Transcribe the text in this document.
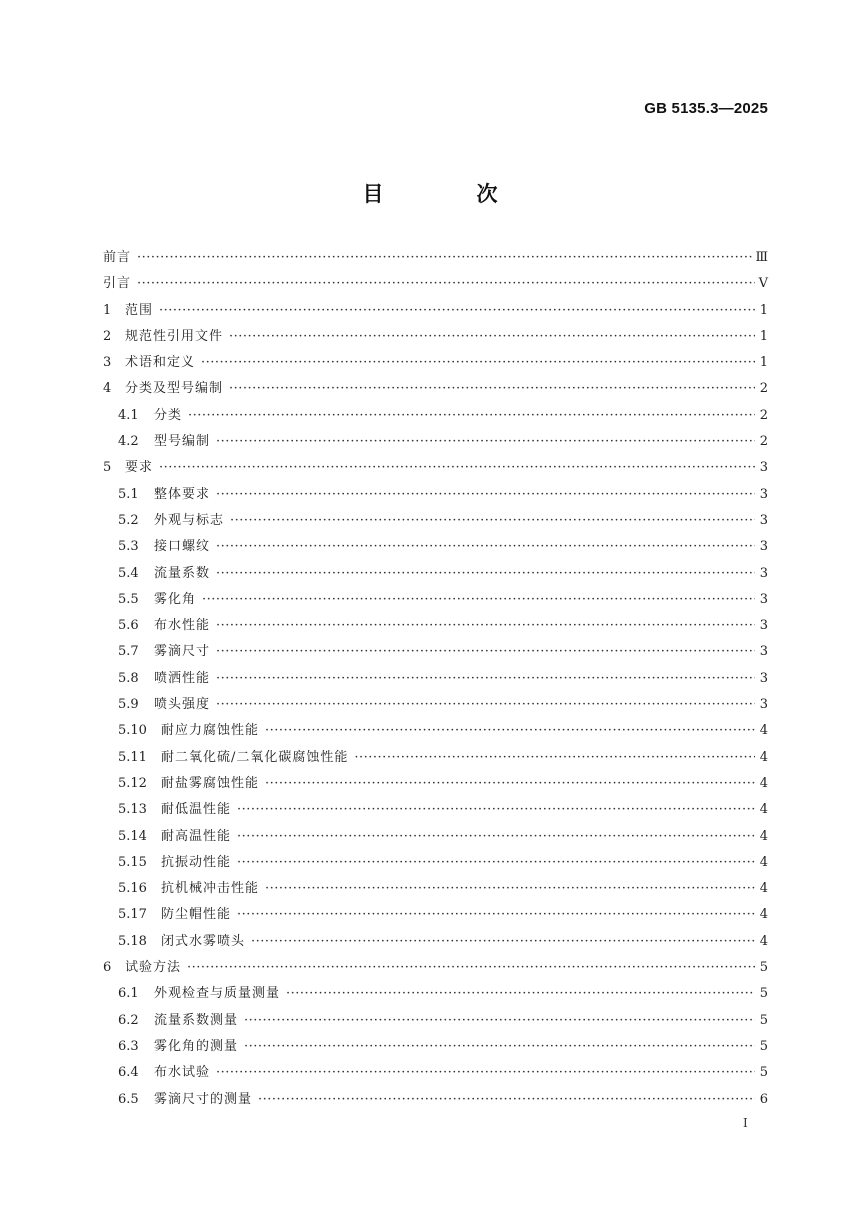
GB 5135.3—2025
目　次
前言 ·····	Ⅲ
引言 ·····	Ⅴ
1	范围 ·····	1
2	规范性引用文件 ·····	1
3	术语和定义 ·····	1
4	分类及型号编制 ·····	2
4.1	分类 ·····	2
4.2	型号编制 ·····	2
5	要求 ·····	3
5.1	整体要求 ·····	3
5.2	外观与标志 ·····	3
5.3	接口螺纹 ·····	3
5.4	流量系数 ·····	3
5.5	雾化角 ·····	3
5.6	布水性能 ·····	3
5.7	雾滴尺寸 ·····	3
5.8	喷洒性能 ·····	3
5.9	喷头强度 ·····	3
5.10	耐应力腐蚀性能 ·····	4
5.11	耐二氧化硫/二氧化碳腐蚀性能 ·····	4
5.12	耐盐雾腐蚀性能 ·····	4
5.13	耐低温性能 ·····	4
5.14	耐高温性能 ·····	4
5.15	抗振动性能 ·····	4
5.16	抗机械冲击性能 ·····	4
5.17	防尘帽性能 ·····	4
5.18	闭式水雾喷头 ·····	4
6	试验方法 ·····	5
6.1	外观检查与质量测量 ·····	5
6.2	流量系数测量 ·····	5
6.3	雾化角的测量 ·····	5
6.4	布水试验 ·····	5
6.5	雾滴尺寸的测量 ·····	6
I
